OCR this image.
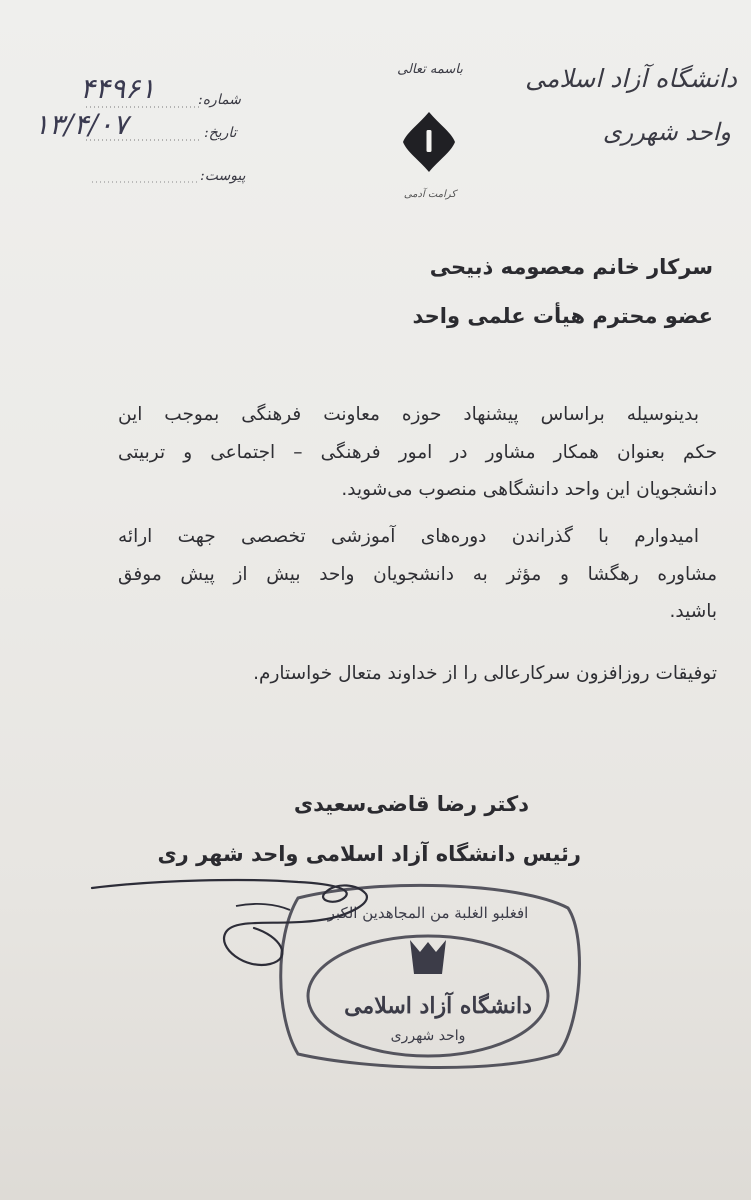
دانشگاه آزاد اسلامی
واحد شهرری
باسمه تعالی
کرامت آدمی
شماره:
۴۴۹۶۱
تاریخ:
۱۳/۴/۰۷
پیوست:
سرکار خانم معصومه ذبیحی
عضو محترم هیأت علمی واحد
بدینوسیله براساس پیشنهاد حوزه معاونت فرهنگی بموجب این
حکم بعنوان همکار مشاور در امور فرهنگی – اجتماعی و تربیتی
دانشجویان این واحد دانشگاهی منصوب می‌شوید.
امیدوارم با گذراندن دوره‌های آموزشی تخصصی جهت ارائه
مشاوره رهگشا و مؤثر به دانشجویان واحد بیش از پیش موفق
باشید.
توفیقات روزافزون سرکارعالی را از خداوند متعال خواستارم.
دکتر رضا قاضی‌سعیدی
رئیس دانشگاه آزاد اسلامی واحد شهر ری
افغلبو الغلبة من المجاهدين الكبر
دانشگاه آزاد اسلامی
واحد شهرری
